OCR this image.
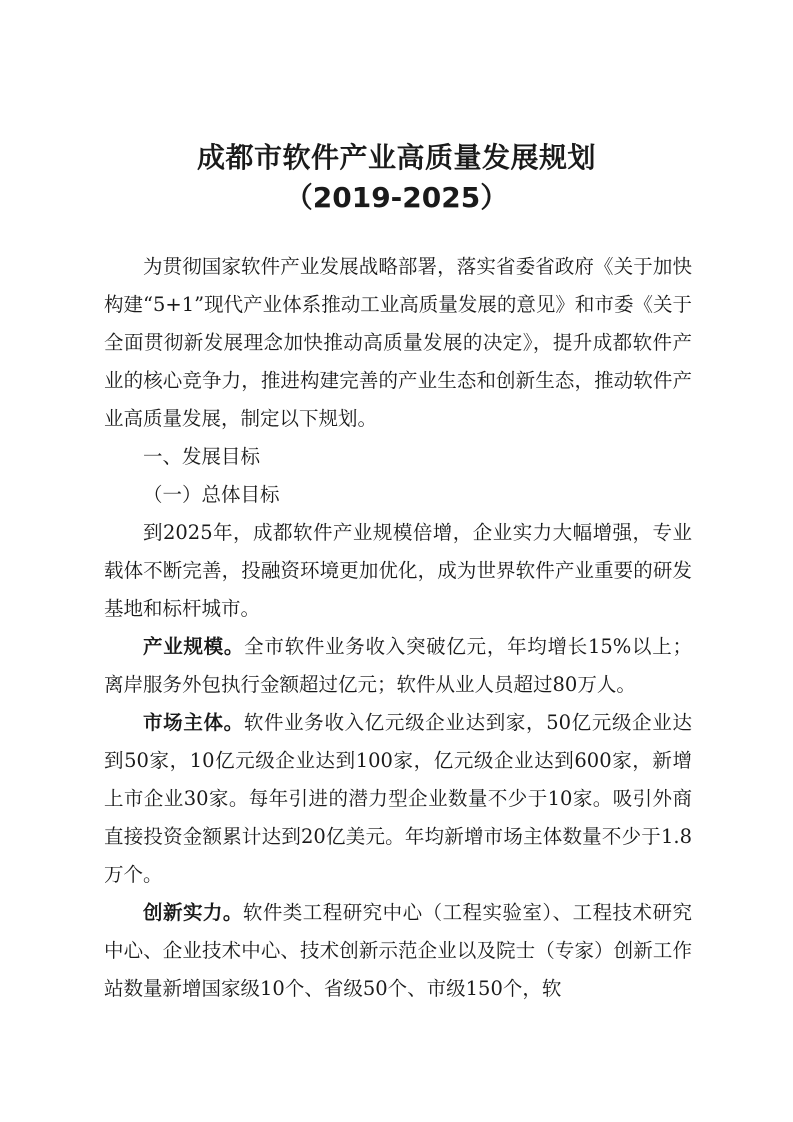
成都市软件产业高质量发展规划
（2019-2025）

为贯彻国家软件产业发展战略部署，落实省委省政府《关于加快构建“5+1”现代产业体系推动工业高质量发展的意见》和市委《关于全面贯彻新发展理念加快推动高质量发展的决定》，提升成都软件产业的核心竞争力，推进构建完善的产业生态和创新生态，推动软件产业高质量发展，制定以下规划。

一、发展目标

（一）总体目标

到2025年，成都软件产业规模倍增，企业实力大幅增强，专业载体不断完善，投融资环境更加优化，成为世界软件产业重要的研发基地和标杆城市。

产业规模。全市软件业务收入突破亿元，年均增长15%以上；离岸服务外包执行金额超过亿元；软件从业人员超过80万人。

市场主体。软件业务收入亿元级企业达到家，50亿元级企业达到50家，10亿元级企业达到100家，亿元级企业达到600家，新增上市企业30家。每年引进的潜力型企业数量不少于10家。吸引外商直接投资金额累计达到20亿美元。年均新增市场主体数量不少于1.8万个。

创新实力。软件类工程研究中心（工程实验室）、工程技术研究中心、企业技术中心、技术创新示范企业以及院士（专家）创新工作站数量新增国家级10个、省级50个、市级150个，软
